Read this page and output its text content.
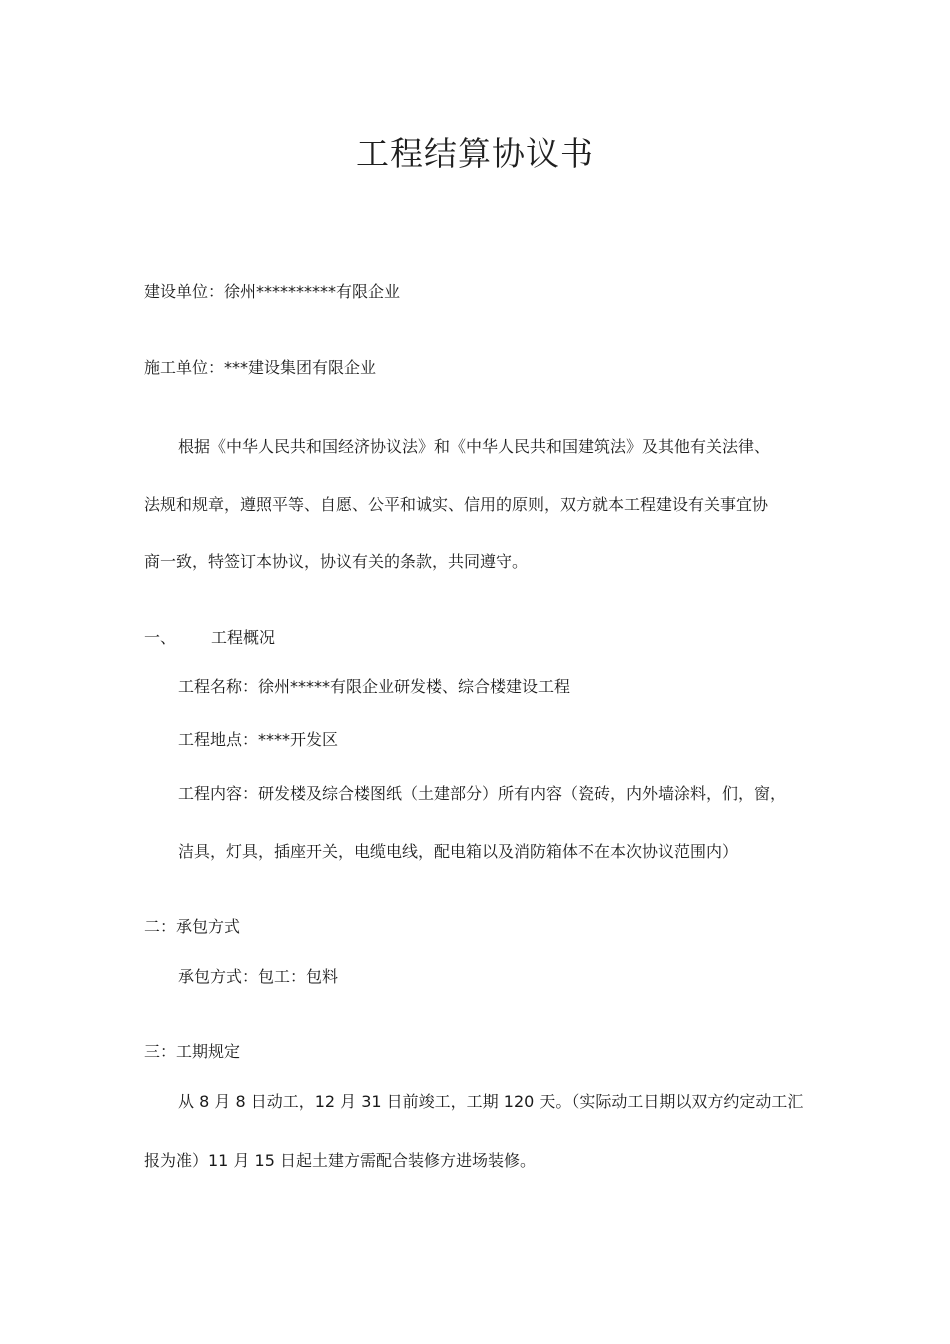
工程结算协议书
建设单位：徐州**********有限企业
施工单位：***建设集团有限企业
根据《中华人民共和国经济协议法》和《中华人民共和国建筑法》及其他有关法律、
法规和规章，遵照平等、自愿、公平和诚实、信用的原则，双方就本工程建设有关事宜协
商一致，特签订本协议，协议有关的条款，共同遵守。
一、 工程概况
工程名称：徐州*****有限企业研发楼、综合楼建设工程
工程地点：****开发区
工程内容：研发楼及综合楼图纸（土建部分）所有内容（瓷砖，内外墙涂料，们，窗，
洁具，灯具，插座开关，电缆电线，配电箱以及消防箱体不在本次协议范围内）
二：承包方式
承包方式：包工：包料
三：工期规定
从 8 月 8 日动工，12 月 31 日前竣工，工期 120 天。（实际动工日期以双方约定动工汇
报为准）11 月 15 日起土建方需配合装修方进场装修。
